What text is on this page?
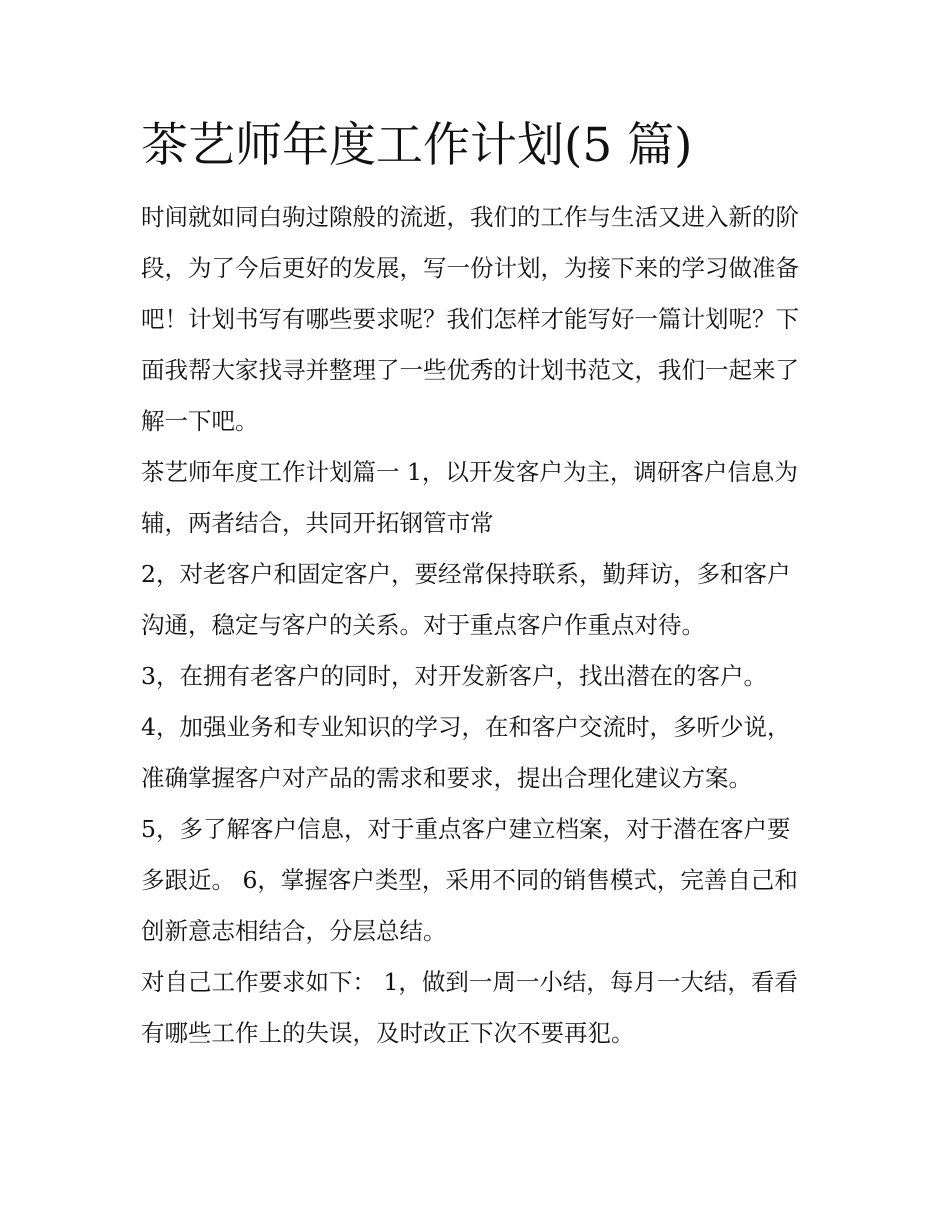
茶艺师年度工作计划(5 篇)

时间就如同白驹过隙般的流逝，我们的工作与生活又进入新的阶段，为了今后更好的发展，写一份计划，为接下来的学习做准备吧！计划书写有哪些要求呢？我们怎样才能写好一篇计划呢？下面我帮大家找寻并整理了一些优秀的计划书范文，我们一起来了解一下吧。

茶艺师年度工作计划篇一 1，以开发客户为主，调研客户信息为辅，两者结合，共同开拓钢管市常

2，对老客户和固定客户，要经常保持联系，勤拜访，多和客户沟通，稳定与客户的关系。对于重点客户作重点对待。

3，在拥有老客户的同时，对开发新客户，找出潜在的客户。

4，加强业务和专业知识的学习，在和客户交流时，多听少说，准确掌握客户对产品的需求和要求，提出合理化建议方案。

5，多了解客户信息，对于重点客户建立档案，对于潜在客户要多跟近。 6，掌握客户类型，采用不同的销售模式，完善自己和创新意志相结合，分层总结。

对自己工作要求如下： 1，做到一周一小结，每月一大结，看看有哪些工作上的失误，及时改正下次不要再犯。
